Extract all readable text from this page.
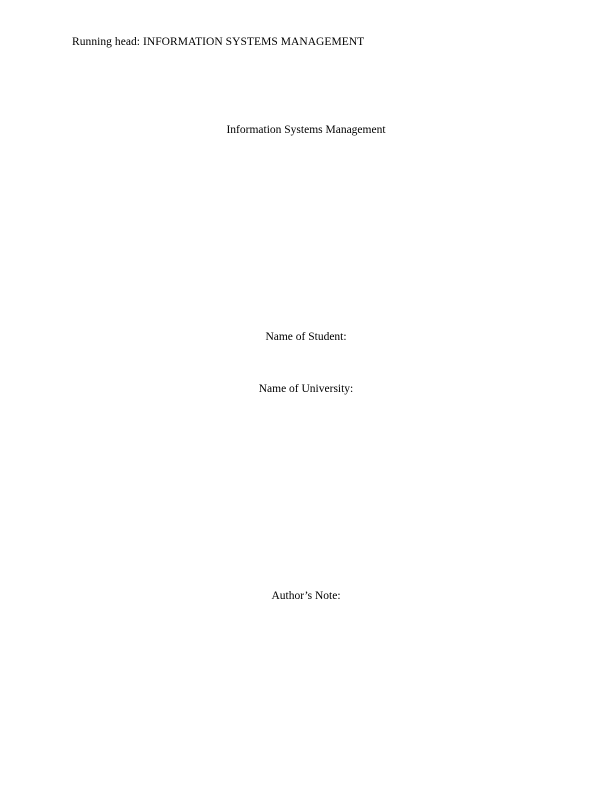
Running head: INFORMATION SYSTEMS MANAGEMENT
Information Systems Management
Name of Student:
Name of University:
Author’s Note:
